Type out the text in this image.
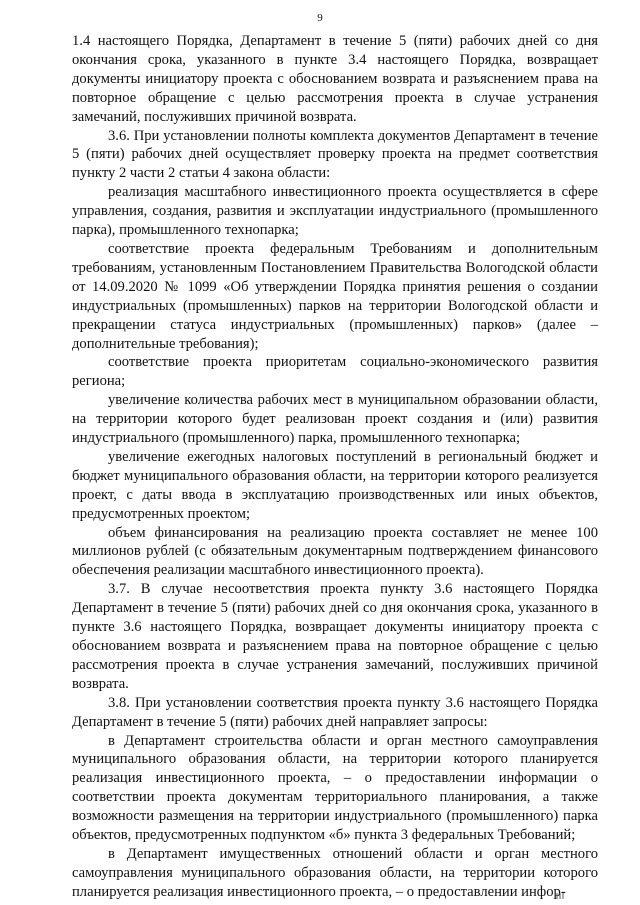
9

1.4 настоящего Порядка, Департамент в течение 5 (пяти) рабочих дней со дня окончания срока, указанного в пункте 3.4 настоящего Порядка, возвращает документы инициатору проекта с обоснованием возврата и разъяснением права на повторное обращение с целью рассмотрения проекта в случае устранения замечаний, послуживших причиной возврата.

3.6. При установлении полноты комплекта документов Департамент в течение 5 (пяти) рабочих дней осуществляет проверку проекта на предмет соответствия пункту 2 части 2 статьи 4 закона области:

реализация масштабного инвестиционного проекта осуществляется в сфере управления, создания, развития и эксплуатации индустриального (промышленного парка), промышленного технопарка;

соответствие проекта федеральным Требованиям и дополнительным требованиям, установленным Постановлением Правительства Вологодской области от 14.09.2020 № 1099 «Об утверждении Порядка принятия решения о создании индустриальных (промышленных) парков на территории Вологодской области и прекращении статуса индустриальных (промышленных) парков» (далее – дополнительные требования);

соответствие проекта приоритетам социально-экономического развития региона;

увеличение количества рабочих мест в муниципальном образовании области, на территории которого будет реализован проект создания и (или) развития индустриального (промышленного) парка, промышленного технопарка;

увеличение ежегодных налоговых поступлений в региональный бюджет и бюджет муниципального образования области, на территории которого реализуется проект, с даты ввода в эксплуатацию производственных или иных объектов, предусмотренных проектом;

объем финансирования на реализацию проекта составляет не менее 100 миллионов рублей (с обязательным документарным подтверждением финансового обеспечения реализации масштабного инвестиционного проекта).

3.7. В случае несоответствия проекта пункту 3.6 настоящего Порядка Департамент в течение 5 (пяти) рабочих дней со дня окончания срока, указанного в пункте 3.6 настоящего Порядка, возвращает документы инициатору проекта с обоснованием возврата и разъяснением права на повторное обращение с целью рассмотрения проекта в случае устранения замечаний, послуживших причиной возврата.

3.8. При установлении соответствия проекта пункту 3.6 настоящего Порядка Департамент в течение 5 (пяти) рабочих дней направляет запросы:

в Департамент строительства области и орган местного самоуправления муниципального образования области, на территории которого планируется реализация инвестиционного проекта, – о предоставлении информации о соответствии проекта документам территориального планирования, а также возможности размещения на территории индустриального (промышленного) парка объектов, предусмотренных подпунктом «б» пункта 3 федеральных Требований;

в Департамент имущественных отношений области и орган местного самоуправления муниципального образования области, на территории которого планируется реализация инвестиционного проекта, – о предоставлении инфор-
